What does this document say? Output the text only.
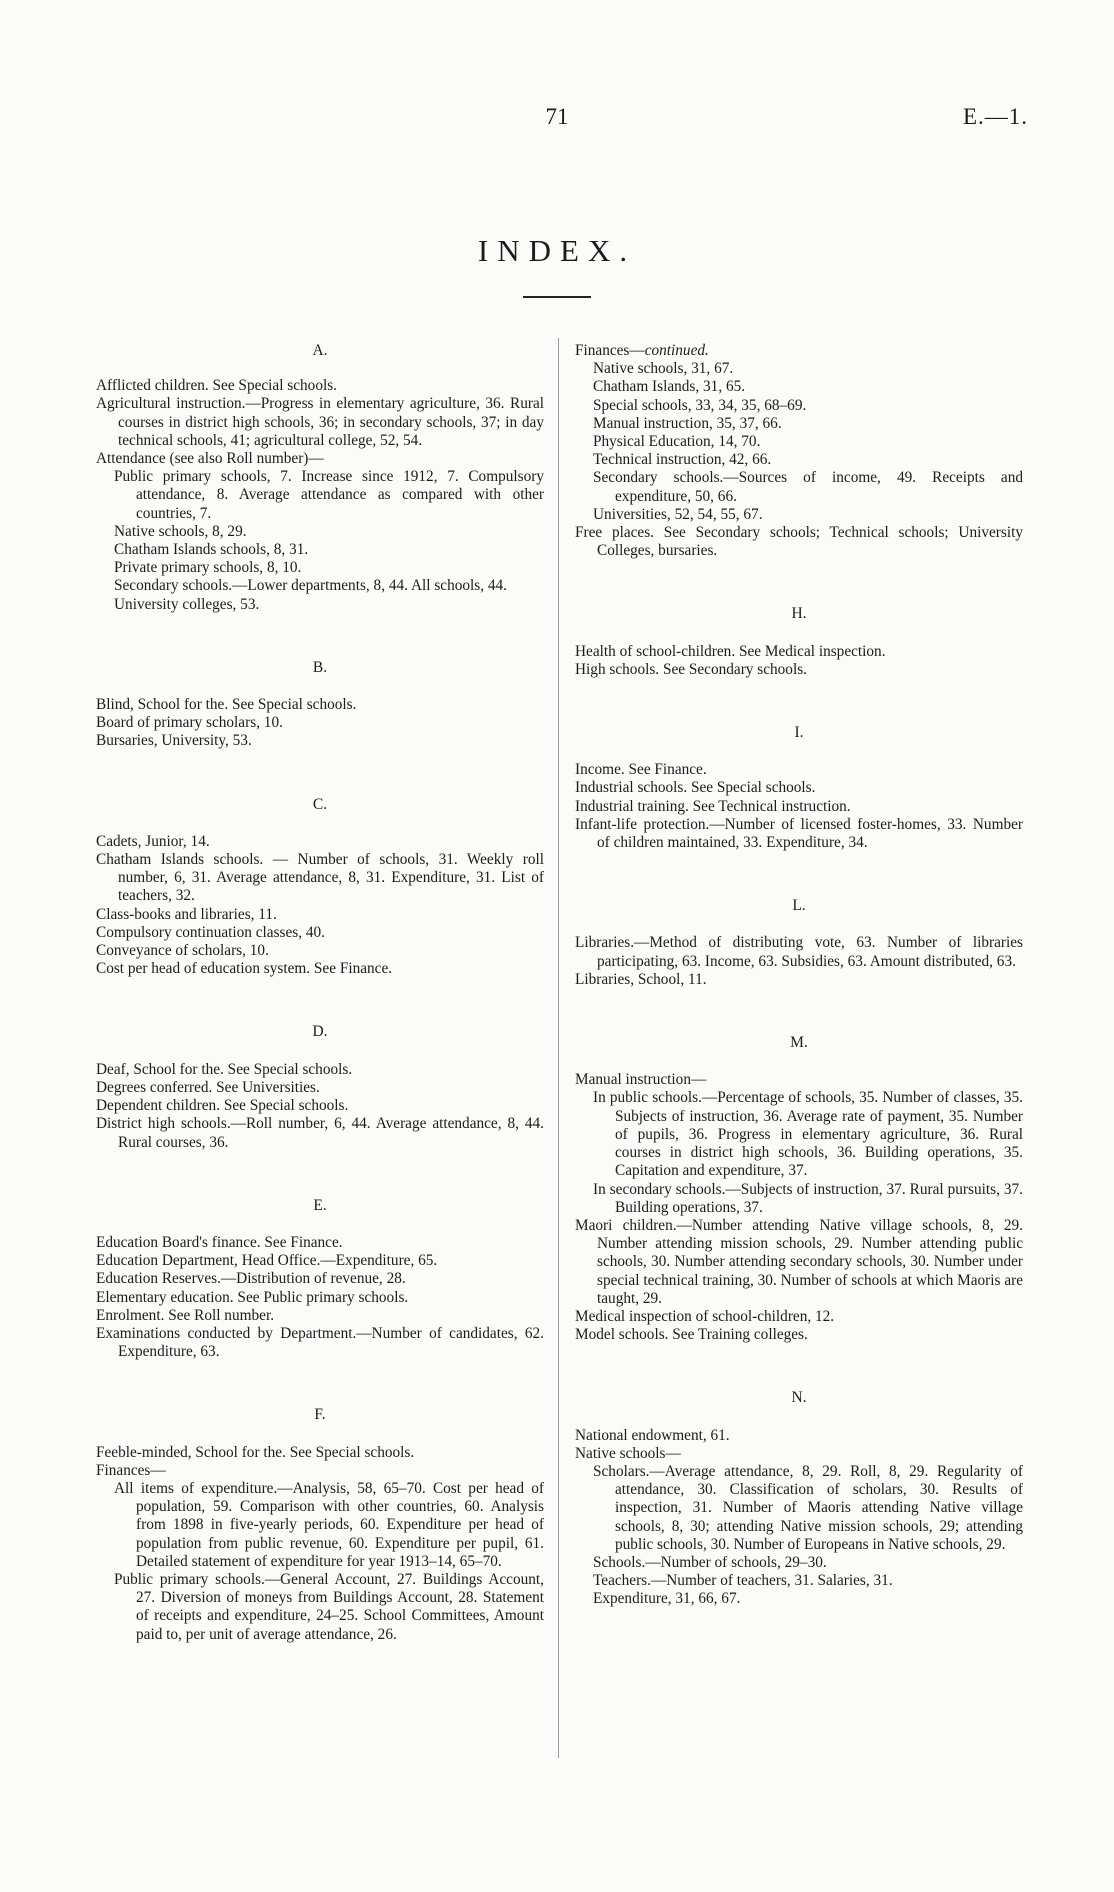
71	E.—1.
INDEX.

A.

Afflicted children. See Special schools.

Agricultural instruction.—Progress in elementary agriculture, 36. Rural courses in district high schools, 36; in secondary schools, 37; in day technical schools, 41; agricultural college, 52, 54.

Attendance (see also Roll number)—

Public primary schools, 7. Increase since 1912, 7. Compulsory attendance, 8. Average attendance as compared with other countries, 7.

Native schools, 8, 29.

Chatham Islands schools, 8, 31.

Private primary schools, 8, 10.

Secondary schools.—Lower departments, 8, 44. All schools, 44.

University colleges, 53.

B.

Blind, School for the. See Special schools.

Board of primary scholars, 10.

Bursaries, University, 53.

C.

Cadets, Junior, 14.

Chatham Islands schools. — Number of schools, 31. Weekly roll number, 6, 31. Average attendance, 8, 31. Expenditure, 31. List of teachers, 32.

Class-books and libraries, 11.

Compulsory continuation classes, 40.

Conveyance of scholars, 10.

Cost per head of education system. See Finance.

D.

Deaf, School for the. See Special schools.

Degrees conferred. See Universities.

Dependent children. See Special schools.

District high schools.—Roll number, 6, 44. Average attendance, 8, 44. Rural courses, 36.

E.

Education Board's finance. See Finance.

Education Department, Head Office.—Expenditure, 65.

Education Reserves.—Distribution of revenue, 28.

Elementary education. See Public primary schools.

Enrolment. See Roll number.

Examinations conducted by Department.—Number of candidates, 62. Expenditure, 63.

F.

Feeble-minded, School for the. See Special schools.

Finances—

All items of expenditure.—Analysis, 58, 65–70. Cost per head of population, 59. Comparison with other countries, 60. Analysis from 1898 in five-yearly periods, 60. Expenditure per head of population from public revenue, 60. Expenditure per pupil, 61. Detailed statement of expenditure for year 1913–14, 65–70.

Public primary schools.—General Account, 27. Buildings Account, 27. Diversion of moneys from Buildings Account, 28. Statement of receipts and expenditure, 24–25. School Committees, Amount paid to, per unit of average attendance, 26.

Finances—continued.

Native schools, 31, 67.

Chatham Islands, 31, 65.

Special schools, 33, 34, 35, 68–69.

Manual instruction, 35, 37, 66.

Physical Education, 14, 70.

Technical instruction, 42, 66.

Secondary schools.—Sources of income, 49. Receipts and expenditure, 50, 66.

Universities, 52, 54, 55, 67.

Free places. See Secondary schools; Technical schools; University Colleges, bursaries.

H.

Health of school-children. See Medical inspection.

High schools. See Secondary schools.

I.

Income. See Finance.

Industrial schools. See Special schools.

Industrial training. See Technical instruction.

Infant-life protection.—Number of licensed foster-homes, 33. Number of children maintained, 33. Expenditure, 34.

L.

Libraries.—Method of distributing vote, 63. Number of libraries participating, 63. Income, 63. Subsidies, 63. Amount distributed, 63.

Libraries, School, 11.

M.

Manual instruction—

In public schools.—Percentage of schools, 35. Number of classes, 35. Subjects of instruction, 36. Average rate of payment, 35. Number of pupils, 36. Progress in elementary agriculture, 36. Rural courses in district high schools, 36. Building operations, 35. Capitation and expenditure, 37.

In secondary schools.—Subjects of instruction, 37. Rural pursuits, 37. Building operations, 37.

Maori children.—Number attending Native village schools, 8, 29. Number attending mission schools, 29. Number attending public schools, 30. Number attending secondary schools, 30. Number under special technical training, 30. Number of schools at which Maoris are taught, 29.

Medical inspection of school-children, 12.

Model schools. See Training colleges.

N.

National endowment, 61.

Native schools—

Scholars.—Average attendance, 8, 29. Roll, 8, 29. Regularity of attendance, 30. Classification of scholars, 30. Results of inspection, 31. Number of Maoris attending Native village schools, 8, 30; attending Native mission schools, 29; attending public schools, 30. Number of Europeans in Native schools, 29.

Schools.—Number of schools, 29–30.

Teachers.—Number of teachers, 31. Salaries, 31.

Expenditure, 31, 66, 67.
